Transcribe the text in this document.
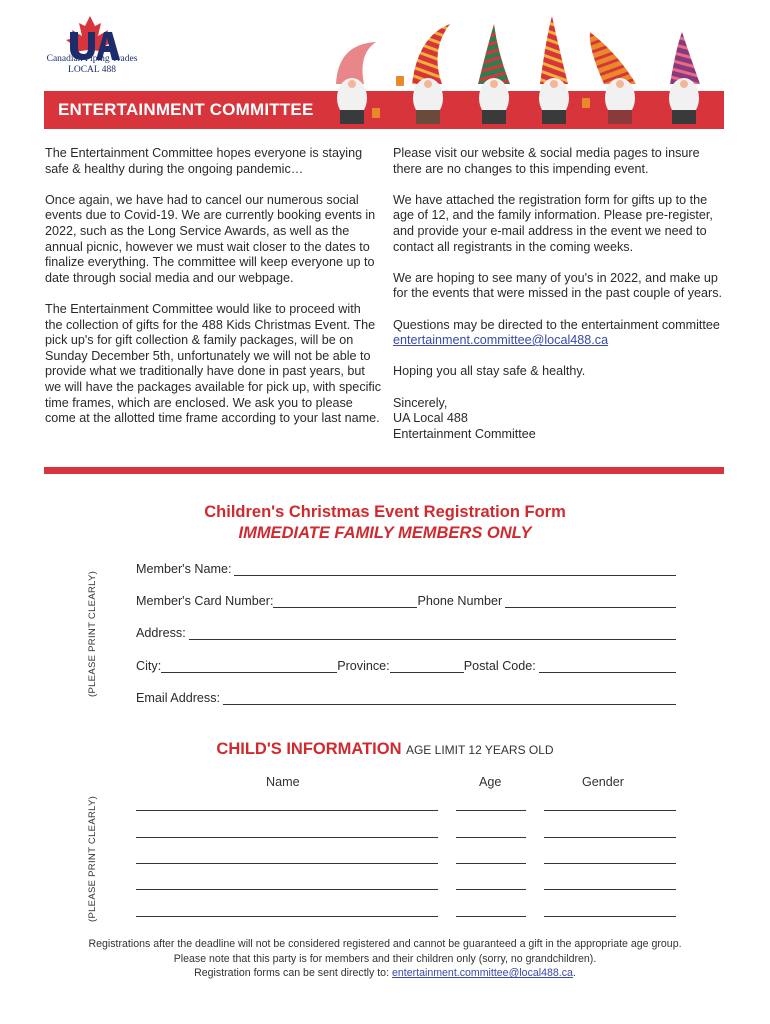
Canadian Piping Trades
LOCAL 488
ENTERTAINMENT COMMITTEE

The Entertainment Committee hopes everyone is staying safe & healthy during the ongoing pandemic…

Once again, we have had to cancel our numerous social events due to Covid-19. We are currently booking events in 2022, such as the Long Service Awards, as well as the annual picnic, however we must wait closer to the dates to finalize everything. The committee will keep everyone up to date through social media and our webpage.

The Entertainment Committee would like to proceed with the collection of gifts for the 488 Kids Christmas Event. The pick up's for gift collection & family packages, will be on Sunday December 5th, unfortunately we will not be able to provide what we traditionally have done in past years, but we will have the packages available for pick up, with specific time frames, which are enclosed. We ask you to please come at the allotted time frame according to your last name.

Please visit our website & social media pages to insure there are no changes to this impending event.

We have attached the registration form for gifts up to the age of 12, and the family information. Please pre-register, and provide your e-mail address in the event we need to contact all registrants in the coming weeks.

We are hoping to see many of you's in 2022, and make up for the events that were missed in the past couple of years.

Questions may be directed to the entertainment committee
entertainment.committee@local488.ca

Hoping you all stay safe & healthy.

Sincerely,
UA Local 488
Entertainment Committee

Children's Christmas Event Registration Form
IMMEDIATE FAMILY MEMBERS ONLY
(PLEASE PRINT CLEARLY)
Member's Name:
Member's Card Number:	Phone Number
Address:
City:	Province:	Postal Code:
Email Address:
CHILD'S INFORMATION AGE LIMIT 12 YEARS OLD
Name	Age	Gender
(PLEASE PRINT CLEARLY)
Registrations after the deadline will not be considered registered and cannot be guaranteed a gift in the appropriate age group.
Please note that this party is for members and their children only (sorry, no grandchildren).
Registration forms can be sent directly to: entertainment.committee@local488.ca.
